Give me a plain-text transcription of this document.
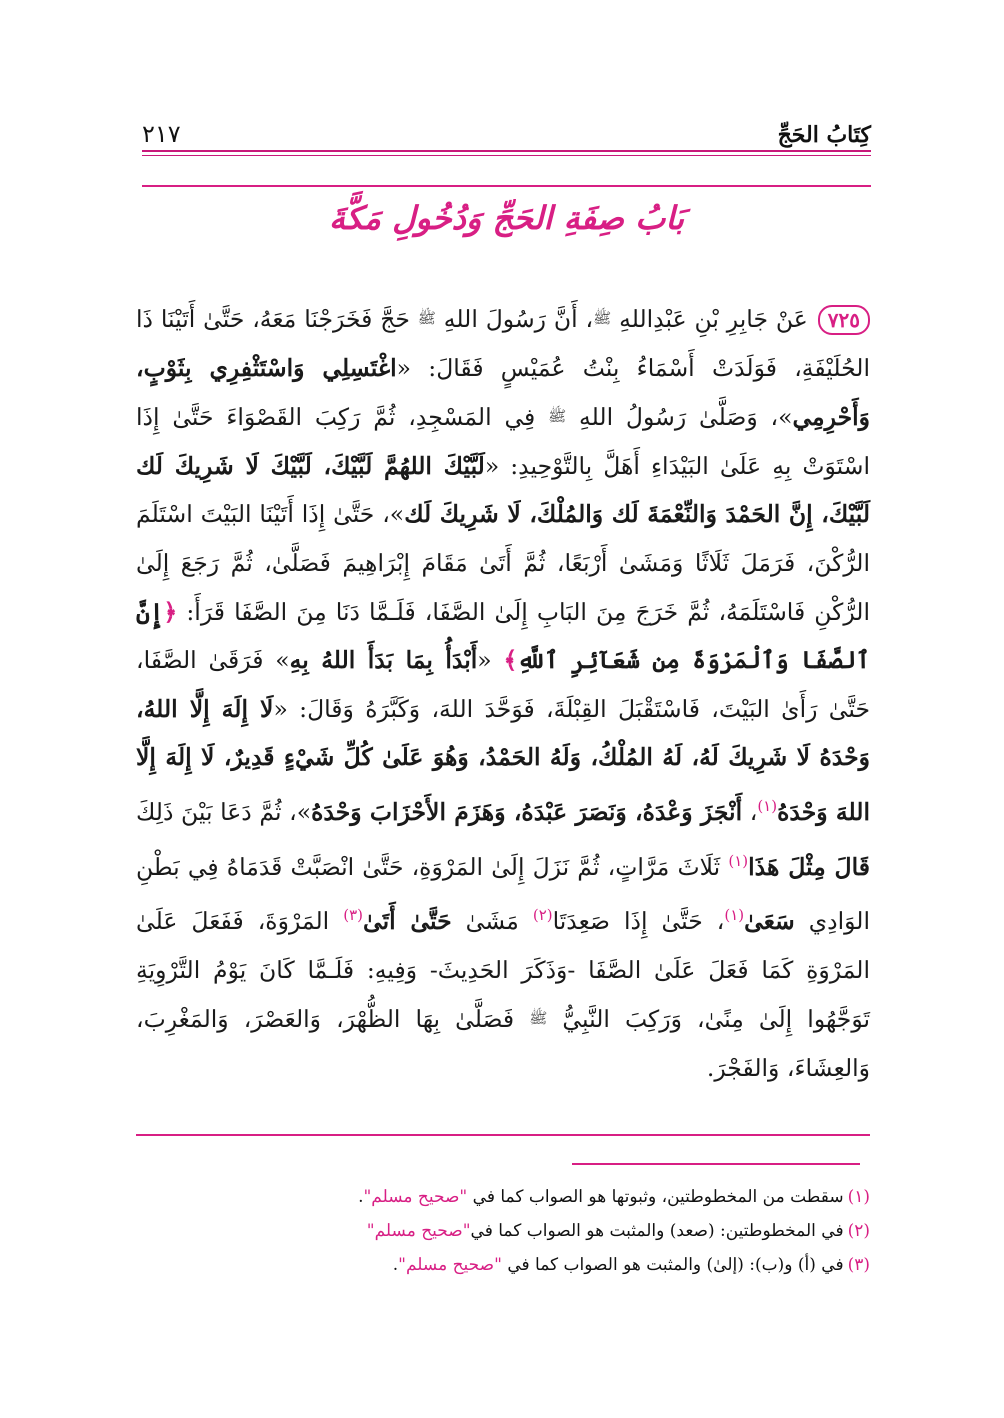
كِتَابُ الحَجِّ
٢١٧
بَابُ صِفَةِ الحَجِّ وَدُخُولِ مَكَّةَ
٧٢٥عَنْ جَابِرِ بْنِ عَبْدِاللهِ ﷺ، أَنَّ رَسُولَ اللهِ ﷺ حَجَّ فَخَرَجْنَا مَعَهُ، حَتَّىٰ أَتَيْنَا ذَا الحُلَيْفَةِ، فَوَلَدَتْ أَسْمَاءُ بِنْتُ عُمَيْسٍ فَقَالَ: «اغْتَسِلِي وَاسْتَثْفِرِي بِثَوْبٍ، وَأَحْرِمِي»، وَصَلَّىٰ رَسُولُ اللهِ ﷺ فِي المَسْجِدِ، ثُمَّ رَكِبَ القَصْوَاءَ حَتَّىٰ إِذَا اسْتَوَتْ بِهِ عَلَىٰ البَيْدَاءِ أَهَلَّ بِالتَّوْحِيدِ: «لَبَّيْكَ اللهُمَّ لَبَّيْكَ، لَبَّيْكَ لَا شَرِيكَ لَك لَبَّيْكَ، إِنَّ الحَمْدَ وَالنِّعْمَةَ لَك وَالمُلْكَ، لَا شَرِيكَ لَك»، حَتَّىٰ إِذَا أَتَيْنَا البَيْتَ اسْتَلَمَ الرُّكْنَ، فَرَمَلَ ثَلَاثًا وَمَشَىٰ أَرْبَعًا، ثُمَّ أَتَىٰ مَقَامَ إِبْرَاهِيمَ فَصَلَّىٰ، ثُمَّ رَجَعَ إِلَىٰ الرُّكْنِ فَاسْتَلَمَهُ، ثُمَّ خَرَجَ مِنَ البَابِ إِلَىٰ الصَّفَا، فَلَـمَّا دَنَا مِنَ الصَّفَا قَرَأَ: ﴿إِنَّ ٱلصَّفَا وَٱلْمَرْوَةَ مِن شَعَآئِرِ ٱللَّهِ﴾ «أَبْدَأُ بِمَا بَدَأَ اللهُ بِهِ» فَرَقَىٰ الصَّفَا، حَتَّىٰ رَأَىٰ البَيْتَ، فَاسْتَقْبَلَ القِبْلَةَ، فَوَحَّدَ اللهَ، وَكَبَّرَهُ وَقَالَ: «لَا إِلَهَ إِلَّا اللهُ، وَحْدَهُ لَا شَرِيكَ لَهُ، لَهُ المُلْكُ، وَلَهُ الحَمْدُ، وَهُوَ عَلَىٰ كُلِّ شَيْءٍ قَدِيرٌ، لَا إِلَهَ إِلَّا اللهَ وَحْدَهُ$^{(١)}$، أَنْجَزَ وَعْدَهُ، وَنَصَرَ عَبْدَهُ، وَهَزَمَ الأَحْزَابَ وَحْدَهُ»، ثُمَّ دَعَا بَيْنَ ذَلِكَ قَالَ مِثْلَ هَذَا$^{(١)}$ ثَلَاثَ مَرَّاتٍ، ثُمَّ نَزَلَ إِلَىٰ المَرْوَةِ، حَتَّىٰ انْصَبَّتْ قَدَمَاهُ فِي بَطْنِ الوَادِي سَعَىٰ$^{(١)}$، حَتَّىٰ إِذَا صَعِدَتَا$^{(٢)}$ مَشَىٰ حَتَّىٰ أَتَىٰ$^{(٣)}$ المَرْوَةَ، فَفَعَلَ عَلَىٰ المَرْوَةِ كَمَا فَعَلَ عَلَىٰ الصَّفَا -وَذَكَرَ الحَدِيثَ- وَفِيهِ: فَلَـمَّا كَانَ يَوْمُ التَّرْوِيَةِ تَوَجَّهُوا إِلَىٰ مِنًىٰ، وَرَكِبَ النَّبِيُّ ﷺ فَصَلَّىٰ بِهَا الظُّهْرَ، وَالعَصْرَ، وَالمَغْرِبَ، وَالعِشَاءَ، وَالفَجْرَ.
(١)سقطت من المخطوطتين، وثبوتها هو الصواب كما في "صحيح مسلم".
(٢)في المخطوطتين: (صعد) والمثبت هو الصواب كما في"صحيح مسلم"
(٣)في (أ) و(ب): (إلىٰ) والمثبت هو الصواب كما في "صحيح مسلم".
